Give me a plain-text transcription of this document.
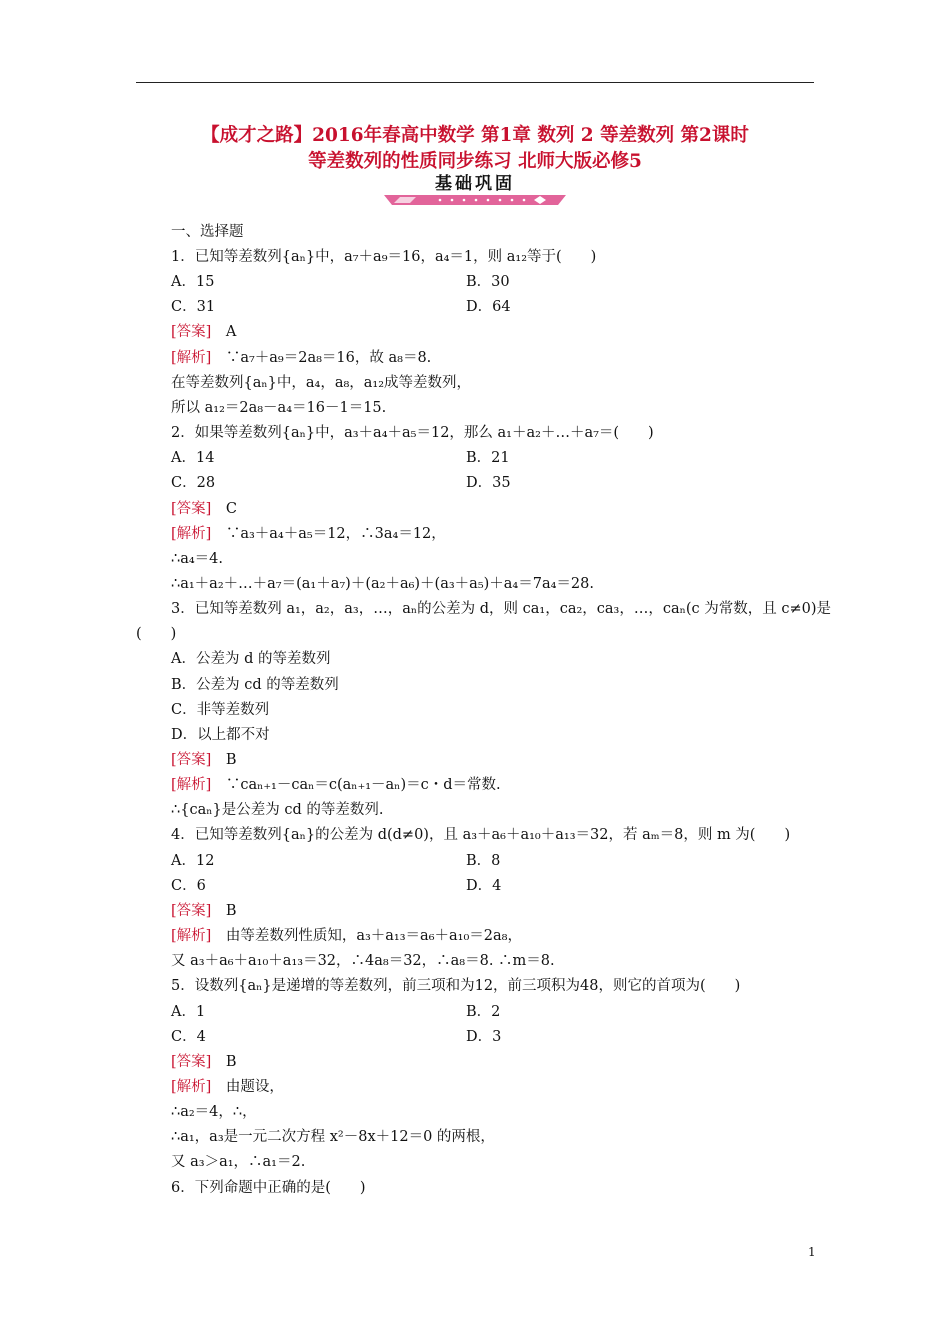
【成才之路】2016年春高中数学 第1章 数列 2 等差数列 第2课时
等差数列的性质同步练习 北师大版必修5
基础巩固
一、选择题
1．已知等差数列{aₙ}中，a₇＋a₉＝16，a₄＝1，则 a₁₂等于(　　)
A．15	B．30
C．31	D．64
[答案]　A
[解析]　∵a₇＋a₉＝2a₈＝16，故 a₈＝8.
在等差数列{aₙ}中，a₄，a₈，a₁₂成等差数列，
所以 a₁₂＝2a₈－a₄＝16－1＝15.
2．如果等差数列{aₙ}中，a₃＋a₄＋a₅＝12，那么 a₁＋a₂＋…＋a₇＝(　　)
A．14	B．21
C．28	D．35
[答案]　C
[解析]　∵a₃＋a₄＋a₅＝12，∴3a₄＝12，
∴a₄＝4.
∴a₁＋a₂＋…＋a₇＝(a₁＋a₇)＋(a₂＋a₆)＋(a₃＋a₅)＋a₄＝7a₄＝28.
3．已知等差数列 a₁，a₂，a₃，…，aₙ的公差为 d，则 ca₁，ca₂，ca₃，…，caₙ(c 为常数，且 c≠0)是
(　　)
A．公差为 d 的等差数列
B．公差为 cd 的等差数列
C．非等差数列
D．以上都不对
[答案]　B
[解析]　∵caₙ₊₁－caₙ＝c(aₙ₊₁－aₙ)＝c・d＝常数.
∴{caₙ}是公差为 cd 的等差数列.
4．已知等差数列{aₙ}的公差为 d(d≠0)，且 a₃＋a₆＋a₁₀＋a₁₃＝32，若 aₘ＝8，则 m 为(　　)
A．12	B．8
C．6	D．4
[答案]　B
[解析]　由等差数列性质知，a₃＋a₁₃＝a₆＋a₁₀＝2a₈，
又 a₃＋a₆＋a₁₀＋a₁₃＝32，∴4a₈＝32，∴a₈＝8. ∴m＝8.
5．设数列{aₙ}是递增的等差数列，前三项和为12，前三项积为48，则它的首项为(　　)
A．1	B．2
C．4	D．3
[答案]　B
[解析]　由题设，
∴a₂＝4，∴，
∴a₁，a₃是一元二次方程 x²－8x＋12＝0 的两根，
又 a₃＞a₁，∴a₁＝2.
6．下列命题中正确的是(　　)
1
